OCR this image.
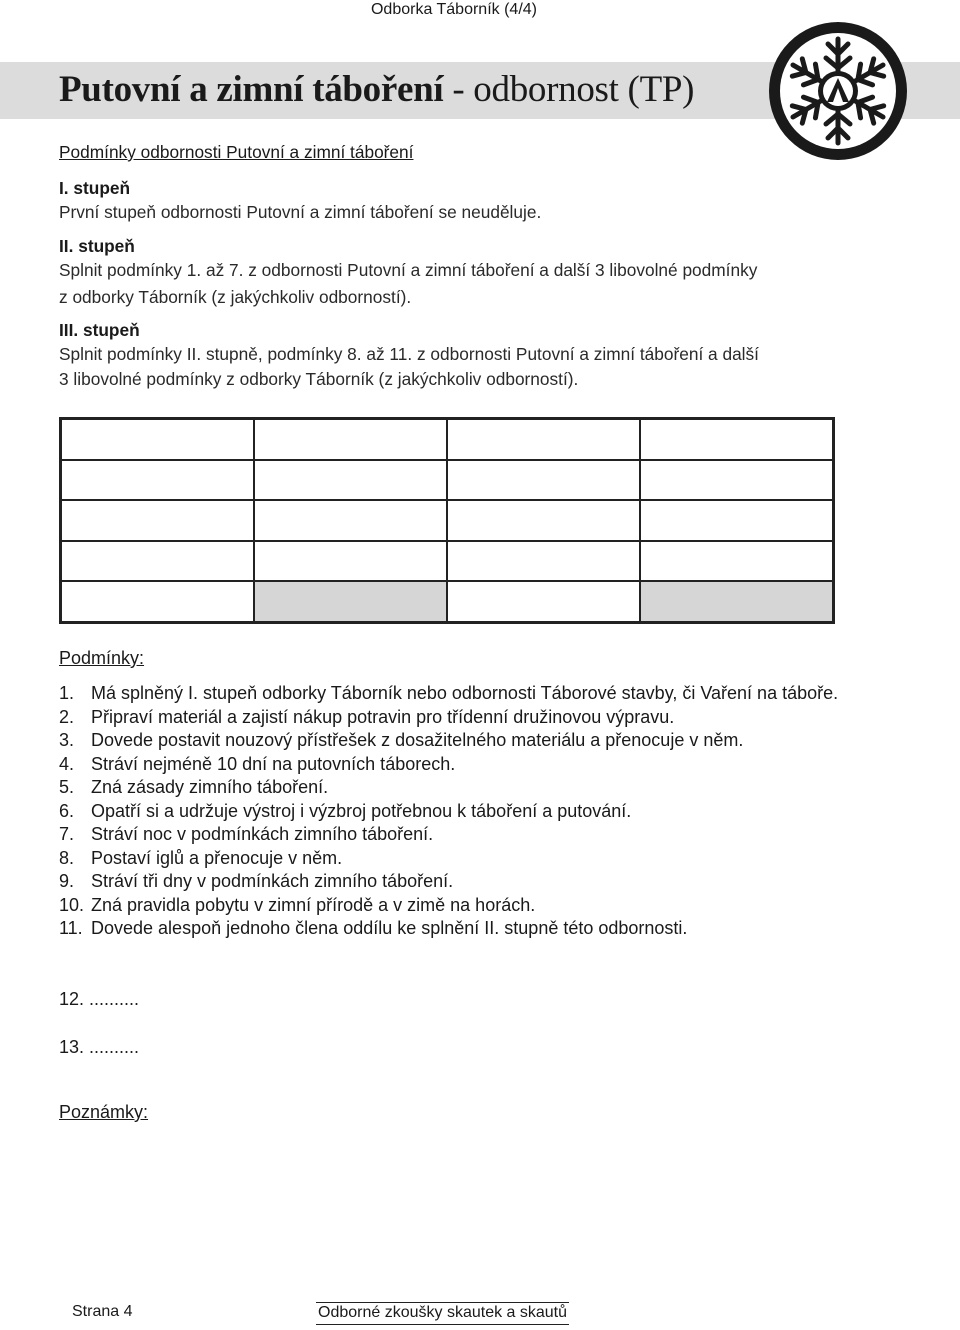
Odborka Táborník (4/4)
Putovní a zimní táboření - odbornost (TP)
Podmínky odbornosti Putovní a zimní táboření
I. stupeň
První stupeň odbornosti Putovní a zimní táboření se neuděluje.
II. stupeň
Splnit podmínky 1. až 7. z odbornosti Putovní a zimní táboření a další 3 libovolné podmínky
z odborky Táborník (z jakýchkoliv odborností).
III. stupeň
Splnit podmínky II. stupně, podmínky 8. až 11. z odbornosti Putovní a zimní táboření a další
3 libovolné podmínky z odborky Táborník (z jakýchkoliv odborností).
Podmínky:
1. Má splněný I. stupeň odborky Táborník nebo odbornosti Táborové stavby, či Vaření na táboře.
2. Připraví materiál a zajistí nákup potravin pro třídenní družinovou výpravu.
3. Dovede postavit nouzový přístřešek z dosažitelného materiálu a přenocuje v něm.
4. Stráví nejméně 10 dní na putovních táborech.
5. Zná zásady zimního táboření.
6. Opatří si a udržuje výstroj i výzbroj potřebnou k táboření a putování.
7. Stráví noc v podmínkách zimního táboření.
8. Postaví iglů a přenocuje v něm.
9. Stráví tři dny v podmínkách zimního táboření.
10. Zná pravidla pobytu v zimní přírodě a v zimě na horách.
11. Dovede alespoň jednoho člena oddílu ke splnění II. stupně této odbornosti.
12. ..........
13. ..........
Poznámky:
Strana 4	Odborné zkoušky skautek a skautů
